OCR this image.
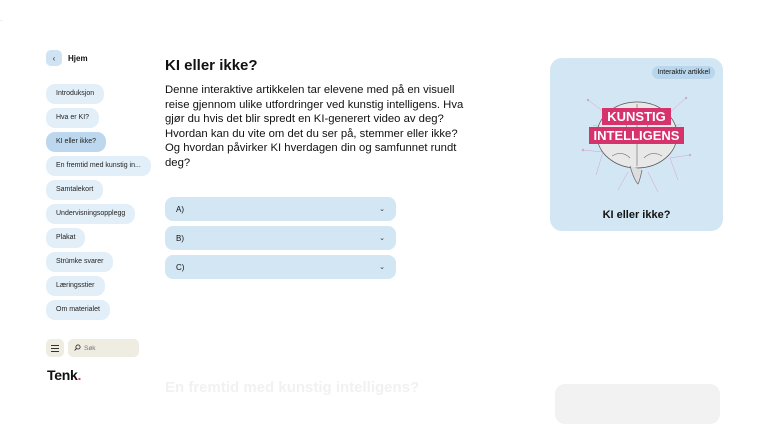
·
‹	Hjem
Introduksjon
Hva er KI?
KI eller ikke?
En fremtid med kunstig in...
Samtalekort
Undervisningsopplegg
Plakat
Strümke svarer
Læringsstier
Om materialet
Søk
Tenk.
KI eller ikke?

Denne interaktive artikkelen tar elevene med på en visuell reise gjennom ulike utfordringer ved kunstig intelligens. Hva gjør du hvis det blir spredt en KI-generert video av deg? Hvordan kan du vite om det du ser på, stemmer eller ikke? Og hvordan påvirker KI hverdagen din og samfunnet rundt deg?

A)	⌄
B)	⌄
C)	⌄
Interaktiv artikkel
KUNSTIG
INTELLIGENS
KI eller ikke?
En fremtid med kunstig intelligens?
